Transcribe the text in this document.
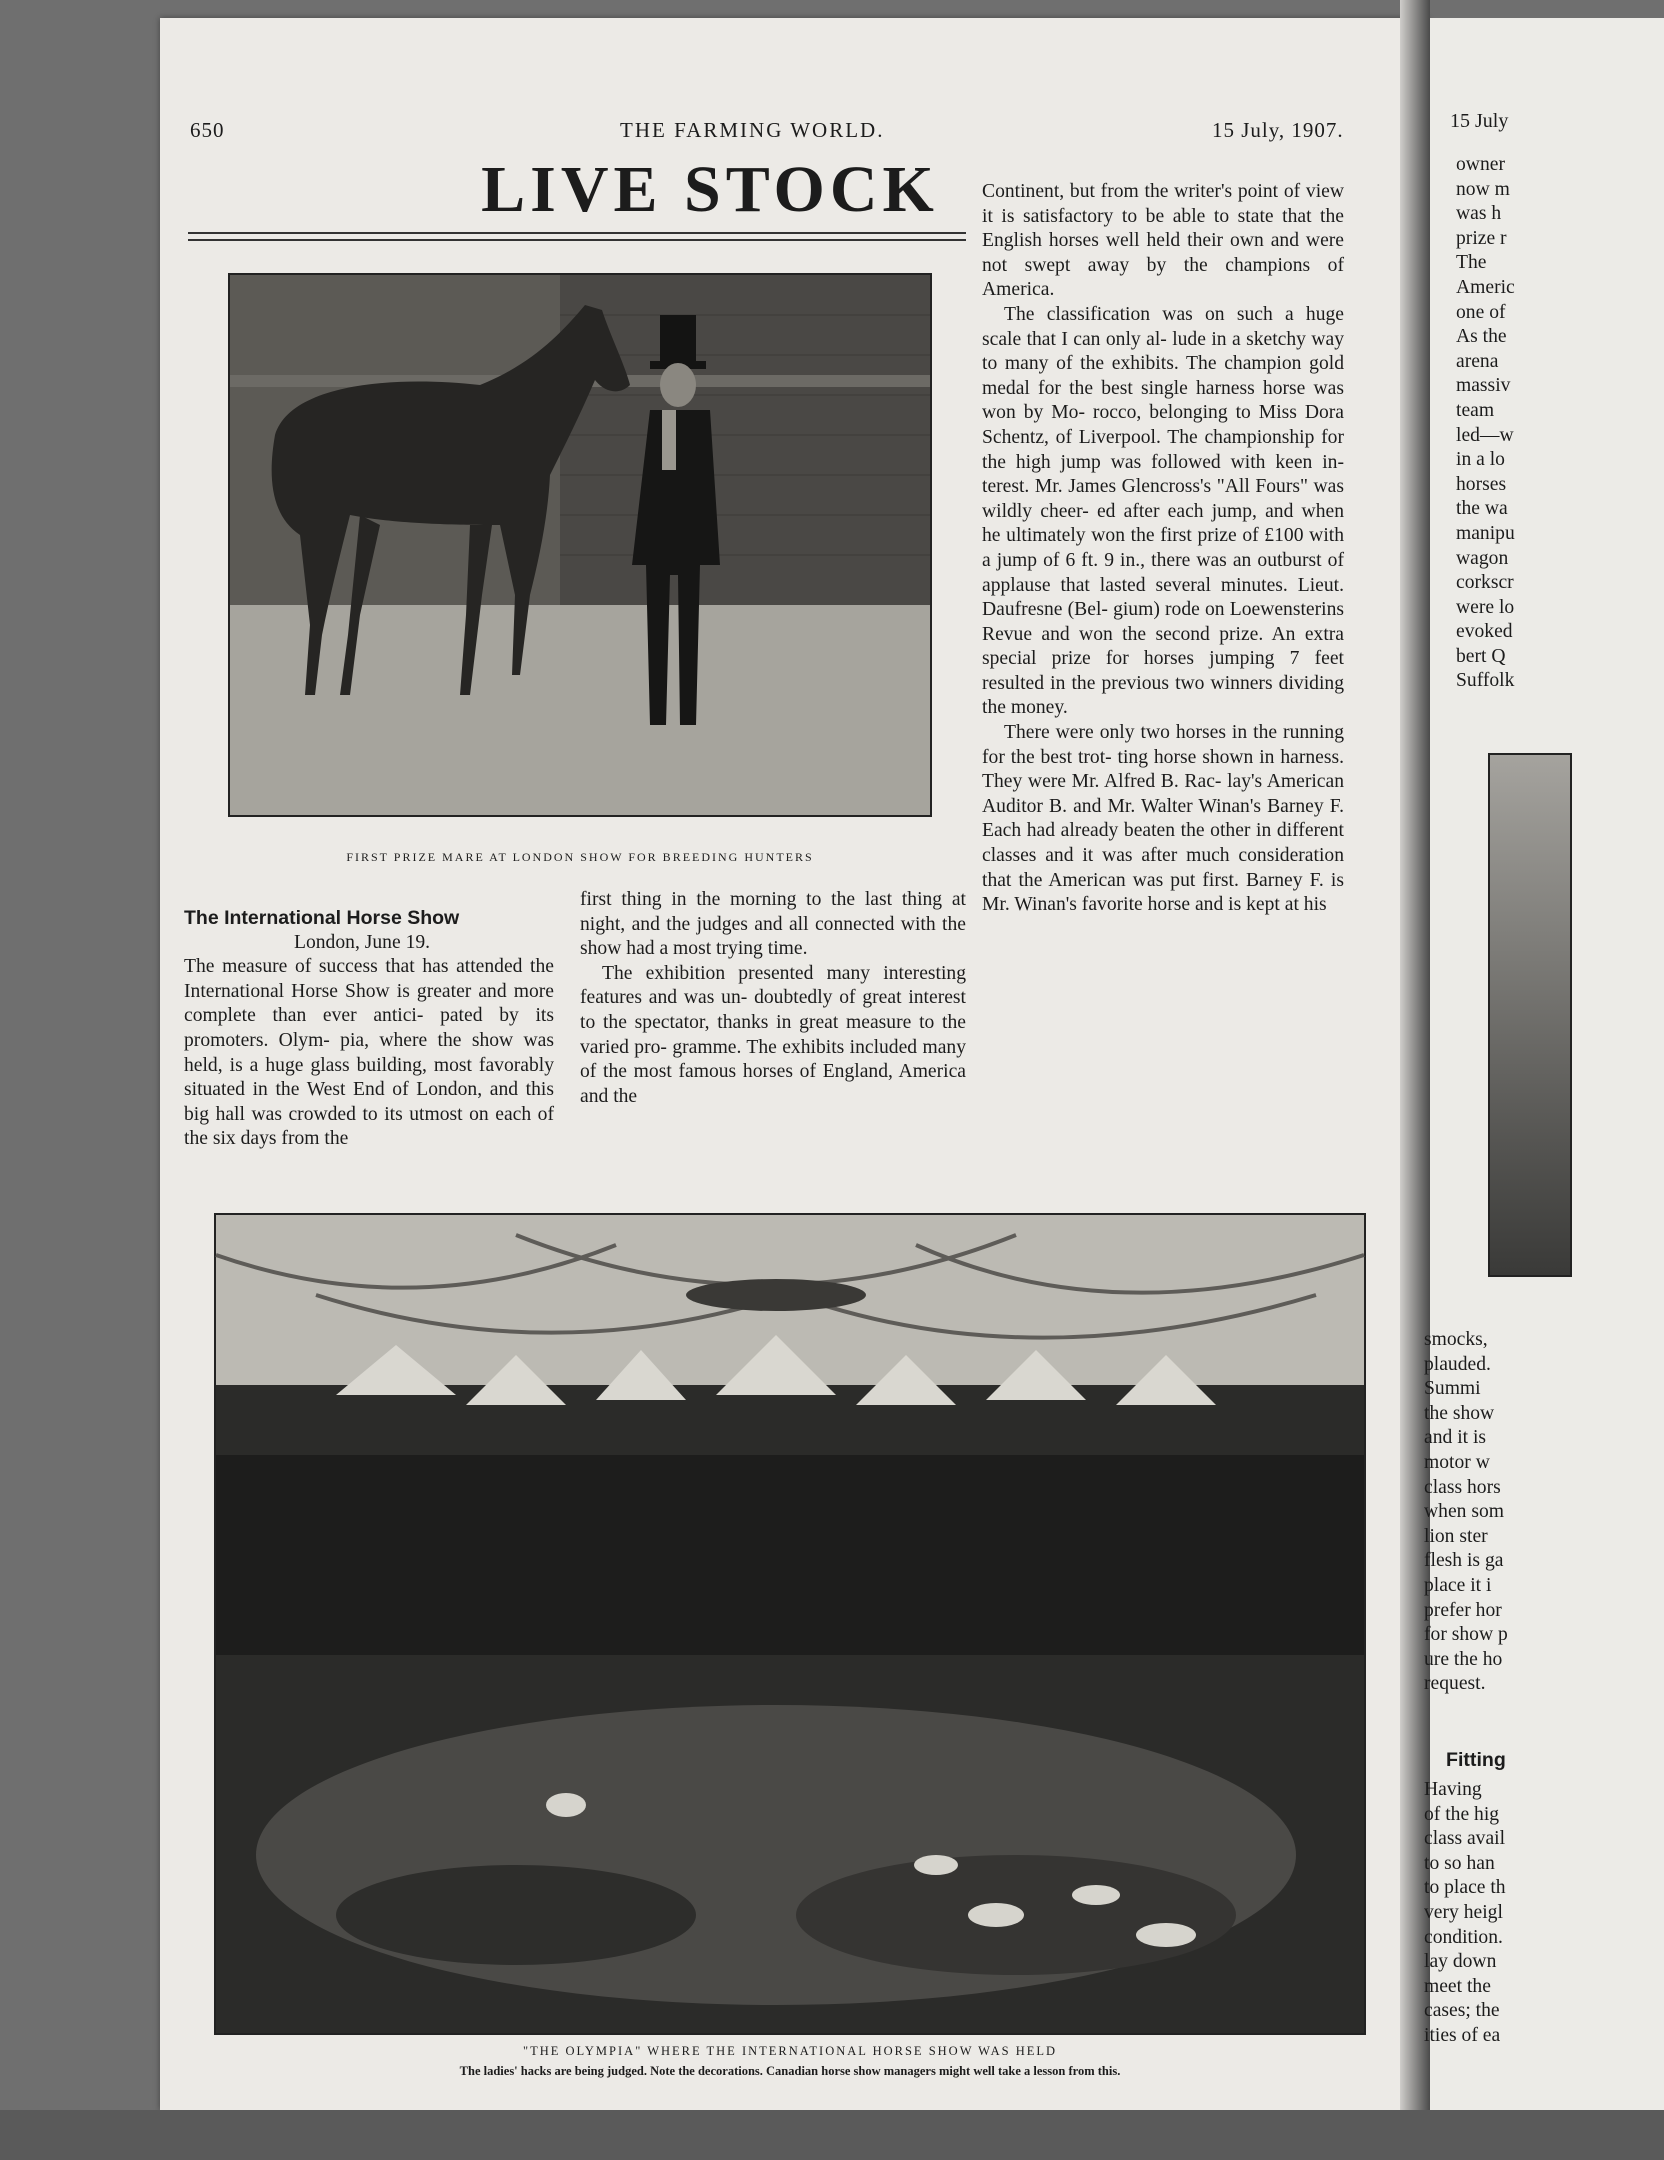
650	THE FARMING WORLD.	15 July, 1907.
LIVE STOCK
FIRST PRIZE MARE AT LONDON SHOW FOR BREEDING HUNTERS

The International Horse Show

London, June 19.

The measure of success that has attended the International Horse Show is greater and more complete than ever antici- pated by its promoters. Olym- pia, where the show was held, is a huge glass building, most favorably situated in the West End of London, and this big hall was crowded to its utmost on each of the six days from the

first thing in the morning to the last thing at night, and the judges and all connected with the show had a most trying time.

The exhibition presented many interesting features and was un- doubtedly of great interest to the spectator, thanks in great measure to the varied pro- gramme. The exhibits included many of the most famous horses of England, America and the

Continent, but from the writer's point of view it is satisfactory to be able to state that the English horses well held their own and were not swept away by the champions of America.

The classification was on such a huge scale that I can only al- lude in a sketchy way to many of the exhibits. The champion gold medal for the best single harness horse was won by Mo- rocco, belonging to Miss Dora Schentz, of Liverpool. The championship for the high jump was followed with keen in- terest. Mr. James Glencross's "All Fours" was wildly cheer- ed after each jump, and when he ultimately won the first prize of £100 with a jump of 6 ft. 9 in., there was an outburst of applause that lasted several minutes. Lieut. Daufresne (Bel- gium) rode on Loewensterins Revue and won the second prize. An extra special prize for horses jumping 7 feet resulted in the previous two winners dividing the money.

There were only two horses in the running for the best trot- ting horse shown in harness. They were Mr. Alfred B. Rac- lay's American Auditor B. and Mr. Walter Winan's Barney F. Each had already beaten the other in different classes and it was after much consideration that the American was put first. Barney F. is Mr. Winan's favorite horse and is kept at his

"THE OLYMPIA" WHERE THE INTERNATIONAL HORSE SHOW WAS HELD
The ladies' hacks are being judged. Note the decorations. Canadian horse show managers might well take a lesson from this.
15 July
owner
now m
was h
prize r
The
Americ
one of
As the
arena
massiv
team
led—w
in a lo
horses
the wa
manipu
wagon
corkscr
were lo
evoked
bert Q
Suffolk
smocks,
plauded.
Summi
the show
and it is
motor w
class hors
when som
lion ster
flesh is ga
place it i
prefer hor
for show p
ure the ho
request.
Fitting
Having
of the hig
class avail
to so han
to place th
very heigl
condition.
lay down
meet the
cases; the
ities of ea
